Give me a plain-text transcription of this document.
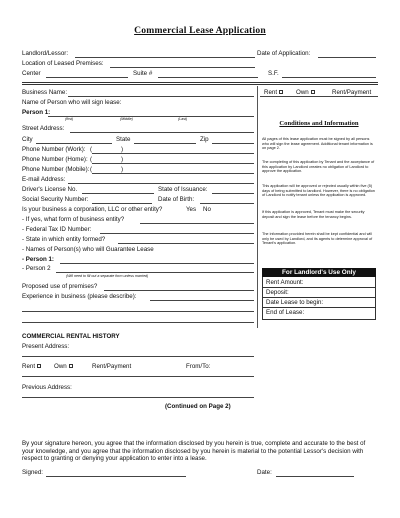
Commercial Lease Application
Landlord/Lessor:	Date of Application:
Location of Leased Premises:
Center	Suite #	S.F.
Business Name:
Name of Person who will sign lease:
Person 1:
(first)	(Middle)	(Last)
Street Address:
City	State	Zip
Phone Number (Work): (	)
Phone Number (Home): (	)
Phone Number (Mobile): (	)
E-mail Address:
Driver's License No.	State of Issuance:
Social Security Number:	Date of Birth:
Is your business a corporation, LLC or other entity?	Yes No
- If yes, what form of business entity?
- Federal Tax ID Number:
- State in which entity formed?
- Names of Person(s) who will Guarantee Lease
- Person 1:
- Person 2
(Will need to fill out a separate form unless married)
Proposed use of premises?
Experience in business (please describe):
Rent	Own	Rent/Payment
Conditions and Information
All pages of this lease application must be signed by all persons who will sign the lease agreement. Additional tenant information is on page 2.
The completing of this application by Tenant and the acceptance of this application by Landlord creates no obligation of Landlord to approve the application.
This application will be approved or rejected usually within five (5) days of being submitted to landlord. However, there is no obligation of Landlord to notify tenant unless the application is approved.
If this application is approved, Tenant must make the security deposit and sign the lease before the tenancy begins.
The information provided herein shall be kept confidential and will only be used by Landlord, and its agents to determine approval of Tenant's application.
For Landlord's Use Only
Rent Amount:
Deposit:
Date Lease to begin:
End of Lease:
COMMERCIAL RENTAL HISTORY
Present Address:
Rent	Own	Rent/Payment	From/To:
Previous Address:
(Continued on Page 2)
By your signature hereon, you agree that the information disclosed by you herein is true, complete and accurate to the best of your knowledge, and you agree that the information disclosed by you herein is material to the potential Lessor's decision with respect to granting or denying your application to enter into a lease.
Signed:	Date:
